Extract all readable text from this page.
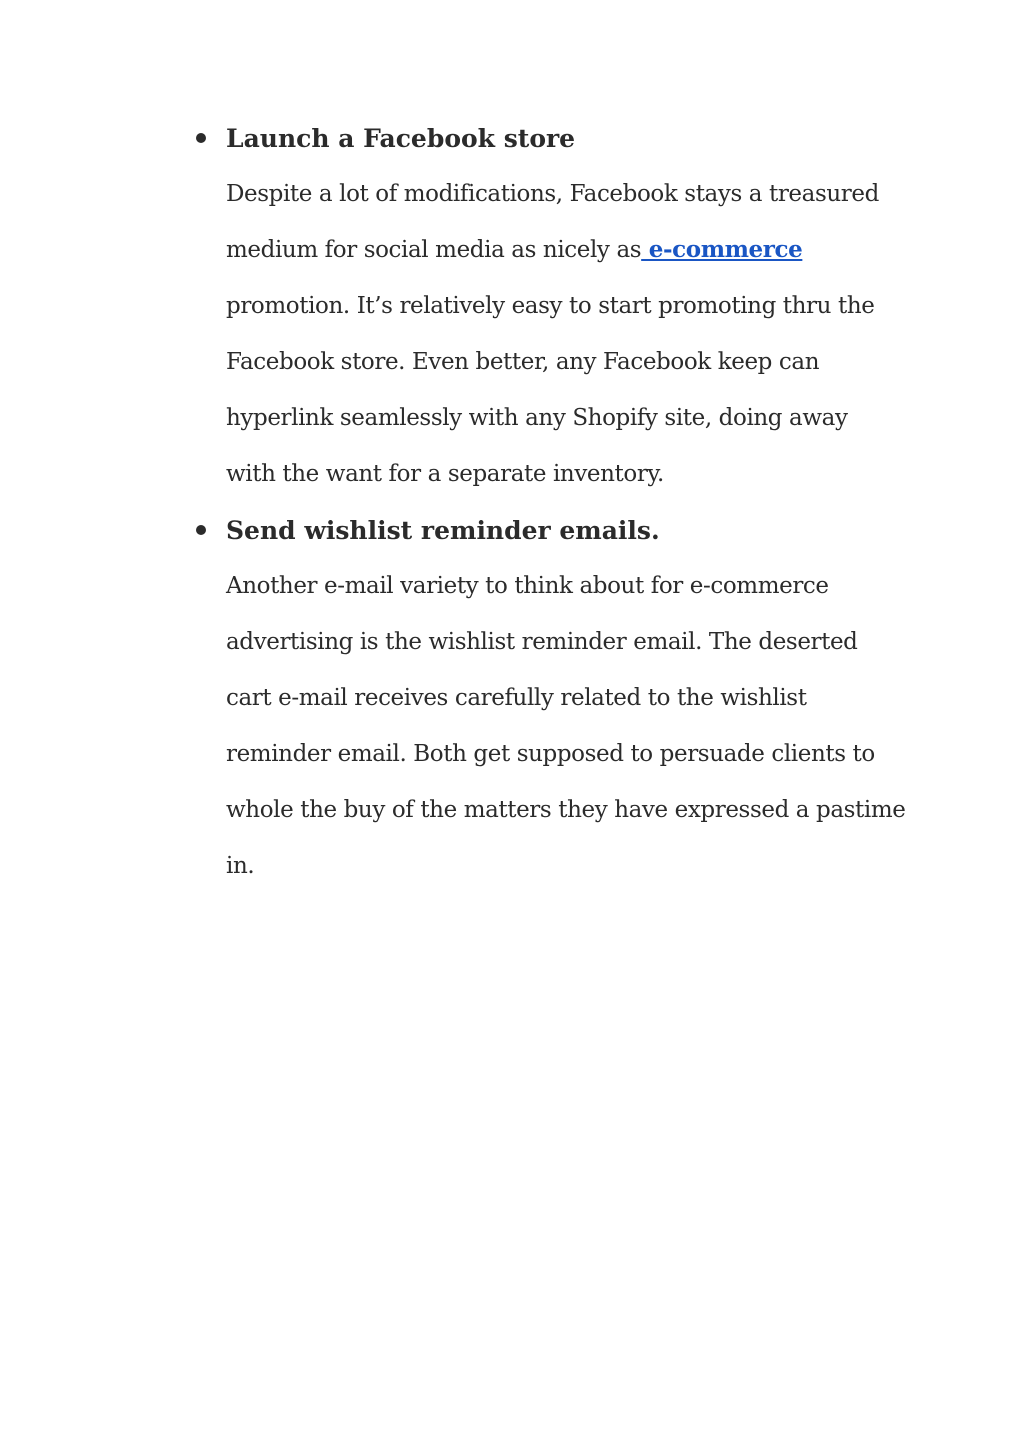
Launch a Facebook store

Despite a lot of modifications, Facebook stays a treasured
medium for social media as nicely as e-commerce
promotion. It’s relatively easy to start promoting thru the
Facebook store. Even better, any Facebook keep can
hyperlink seamlessly with any Shopify site, doing away
with the want for a separate inventory.

Send wishlist reminder emails.

Another e-mail variety to think about for e-commerce
advertising is the wishlist reminder email. The deserted
cart e-mail receives carefully related to the wishlist
reminder email. Both get supposed to persuade clients to
whole the buy of the matters they have expressed a pastime
in.
